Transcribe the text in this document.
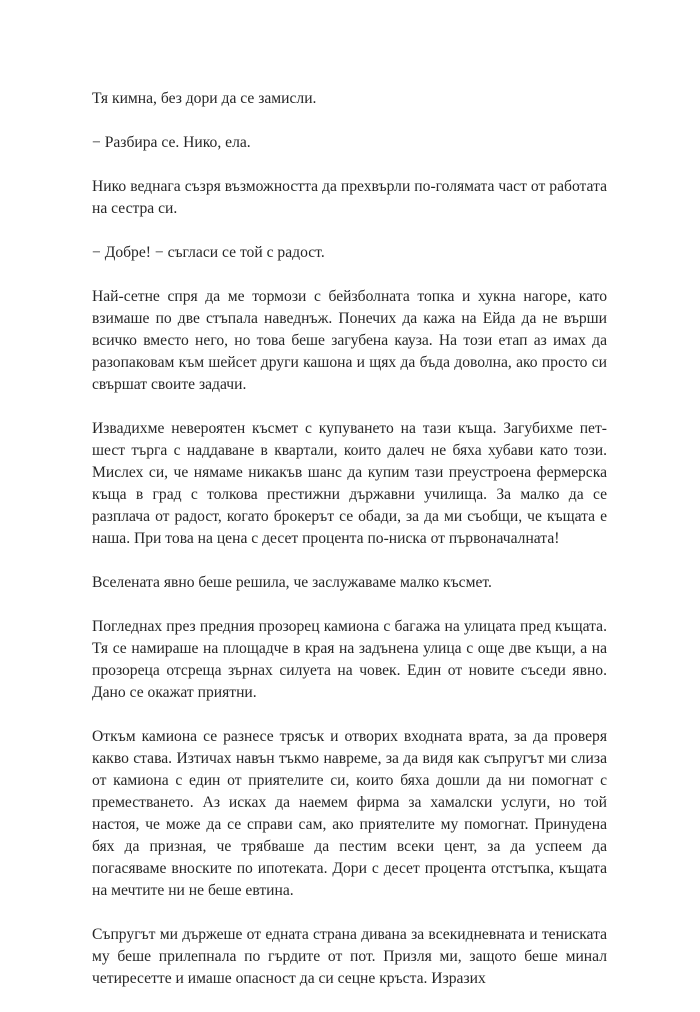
Тя кимна, без дори да се замисли.

− Разбира се. Нико, ела.

Нико веднага съзря възможността да прехвърли по-голямата част от работата на сестра си.

− Добре! − съгласи се той с радост.

Най-сетне спря да ме тормози с бейзболната топка и хукна нагоре, като взимаше по две стъпала наведнъж. Понечих да кажа на Ейда да не върши всичко вместо него, но това беше загубена кауза. На този етап аз имах да разопаковам към шейсет други кашона и щях да бъда доволна, ако просто си свършат своите задачи.

Извадихме невероятен късмет с купуването на тази къща. Загубихме пет-шест търга с наддаване в квартали, които далеч не бяха хубави като този. Мислех си, че нямаме никакъв шанс да купим тази преустроена фермерска къща в град с толкова престижни държавни училища. За малко да се разплача от радост, когато брокерът се обади, за да ми съобщи, че къщата е наша. При това на цена с десет процента по-ниска от първоначалната!

Вселената явно беше решила, че заслужаваме малко късмет.

Погледнах през предния прозорец камиона с багажа на улицата пред къщата. Тя се намираше на площадче в края на задънена улица с още две къщи, а на прозореца отсреща зърнах силуета на човек. Един от новите съседи явно. Дано се окажат приятни.

Откъм камиона се разнесе трясък и отворих входната врата, за да проверя какво става. Изтичах навън тъкмо навреме, за да видя как съпругът ми слиза от камиона с един от приятелите си, които бяха дошли да ни помогнат с преместването. Аз исках да наемем фирма за хамалски услуги, но той настоя, че може да се справи сам, ако приятелите му помогнат. Принудена бях да призная, че трябваше да пестим всеки цент, за да успеем да погасяваме вноските по ипотеката. Дори с десет процента отстъпка, къщата на мечтите ни не беше евтина.

Съпругът ми държеше от едната страна дивана за всекидневната и тениската му беше прилепнала по гърдите от пот. Призля ми, защото беше минал четиресетте и имаше опасност да си сецне кръста. Изразих
